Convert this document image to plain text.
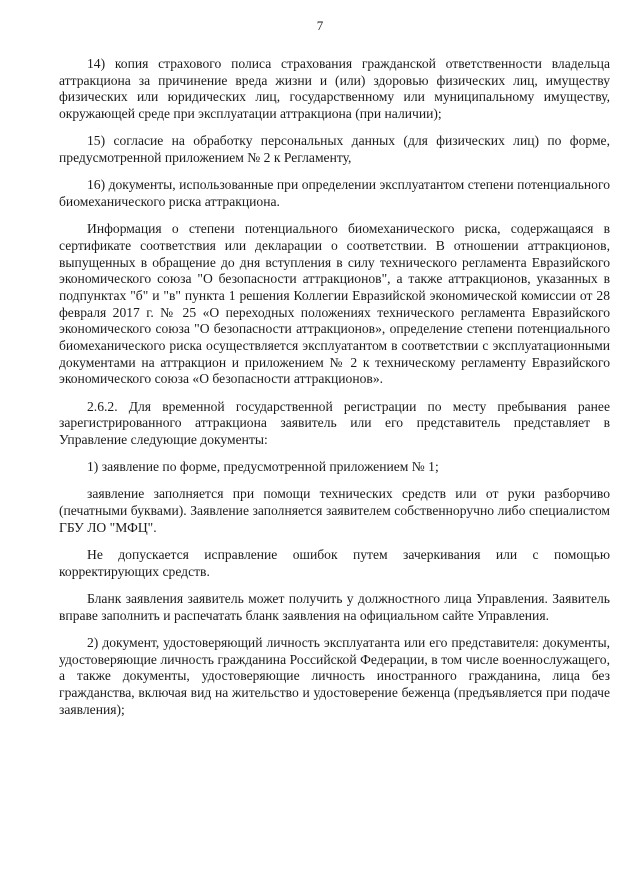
7

14) копия страхового полиса страхования гражданской ответственности владельца аттракциона за причинение вреда жизни и (или) здоровью физических лиц, имуществу физических или юридических лиц, государственному или муниципальному имуществу, окружающей среде при эксплуатации аттракциона (при наличии);

15) согласие на обработку персональных данных (для физических лиц) по форме, предусмотренной приложением № 2 к Регламенту,

16) документы, использованные при определении эксплуатантом степени потенциального биомеханического риска аттракциона.

Информация о степени потенциального биомеханического риска, содержащаяся в сертификате соответствия или декларации о соответствии. В отношении аттракционов, выпущенных в обращение до дня вступления в силу технического регламента Евразийского экономического союза "О безопасности аттракционов", а также аттракционов, указанных в подпунктах "б" и "в" пункта 1 решения Коллегии Евразийской экономической комиссии от 28 февраля 2017 г. № 25 «О переходных положениях технического регламента Евразийского экономического союза "О безопасности аттракционов», определение степени потенциального биомеханического риска осуществляется эксплуатантом в соответствии с эксплуатационными документами на аттракцион и приложением № 2 к техническому регламенту Евразийского экономического союза «О безопасности аттракционов».

2.6.2. Для временной государственной регистрации по месту пребывания ранее зарегистрированного аттракциона заявитель или его представитель представляет в Управление следующие документы:

1) заявление по форме, предусмотренной приложением № 1;

заявление заполняется при помощи технических средств или от руки разборчиво (печатными буквами). Заявление заполняется заявителем собственноручно либо специалистом ГБУ ЛО "МФЦ".

Не допускается исправление ошибок путем зачеркивания или с помощью корректирующих средств.

Бланк заявления заявитель может получить у должностного лица Управления. Заявитель вправе заполнить и распечатать бланк заявления на официальном сайте Управления.

2) документ, удостоверяющий личность эксплуатанта или его представителя: документы, удостоверяющие личность гражданина Российской Федерации, в том числе военнослужащего, а также документы, удостоверяющие личность иностранного гражданина, лица без гражданства, включая вид на жительство и удостоверение беженца (предъявляется при подаче заявления);
